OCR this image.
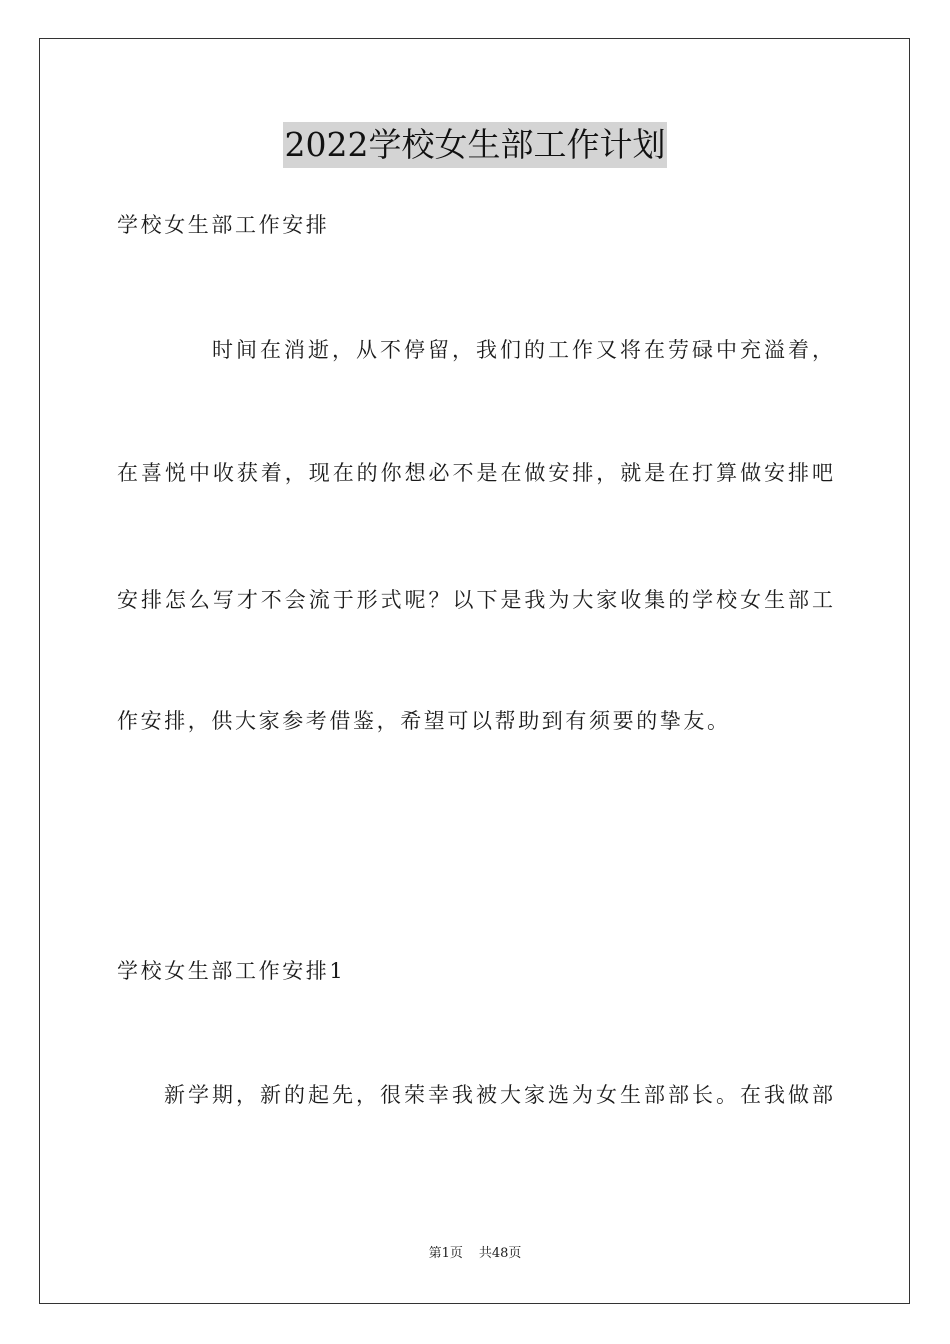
2022学校女生部工作计划
学校女生部工作安排
时间在消逝，从不停留，我们的工作又将在劳碌中充溢着，
在喜悦中收获着，现在的你想必不是在做安排，就是在打算做安排吧
安排怎么写才不会流于形式呢？以下是我为大家收集的学校女生部工
作安排，供大家参考借鉴，希望可以帮助到有须要的挚友。
学校女生部工作安排1
新学期，新的起先，很荣幸我被大家选为女生部部长。在我做部
第1页 共48页
